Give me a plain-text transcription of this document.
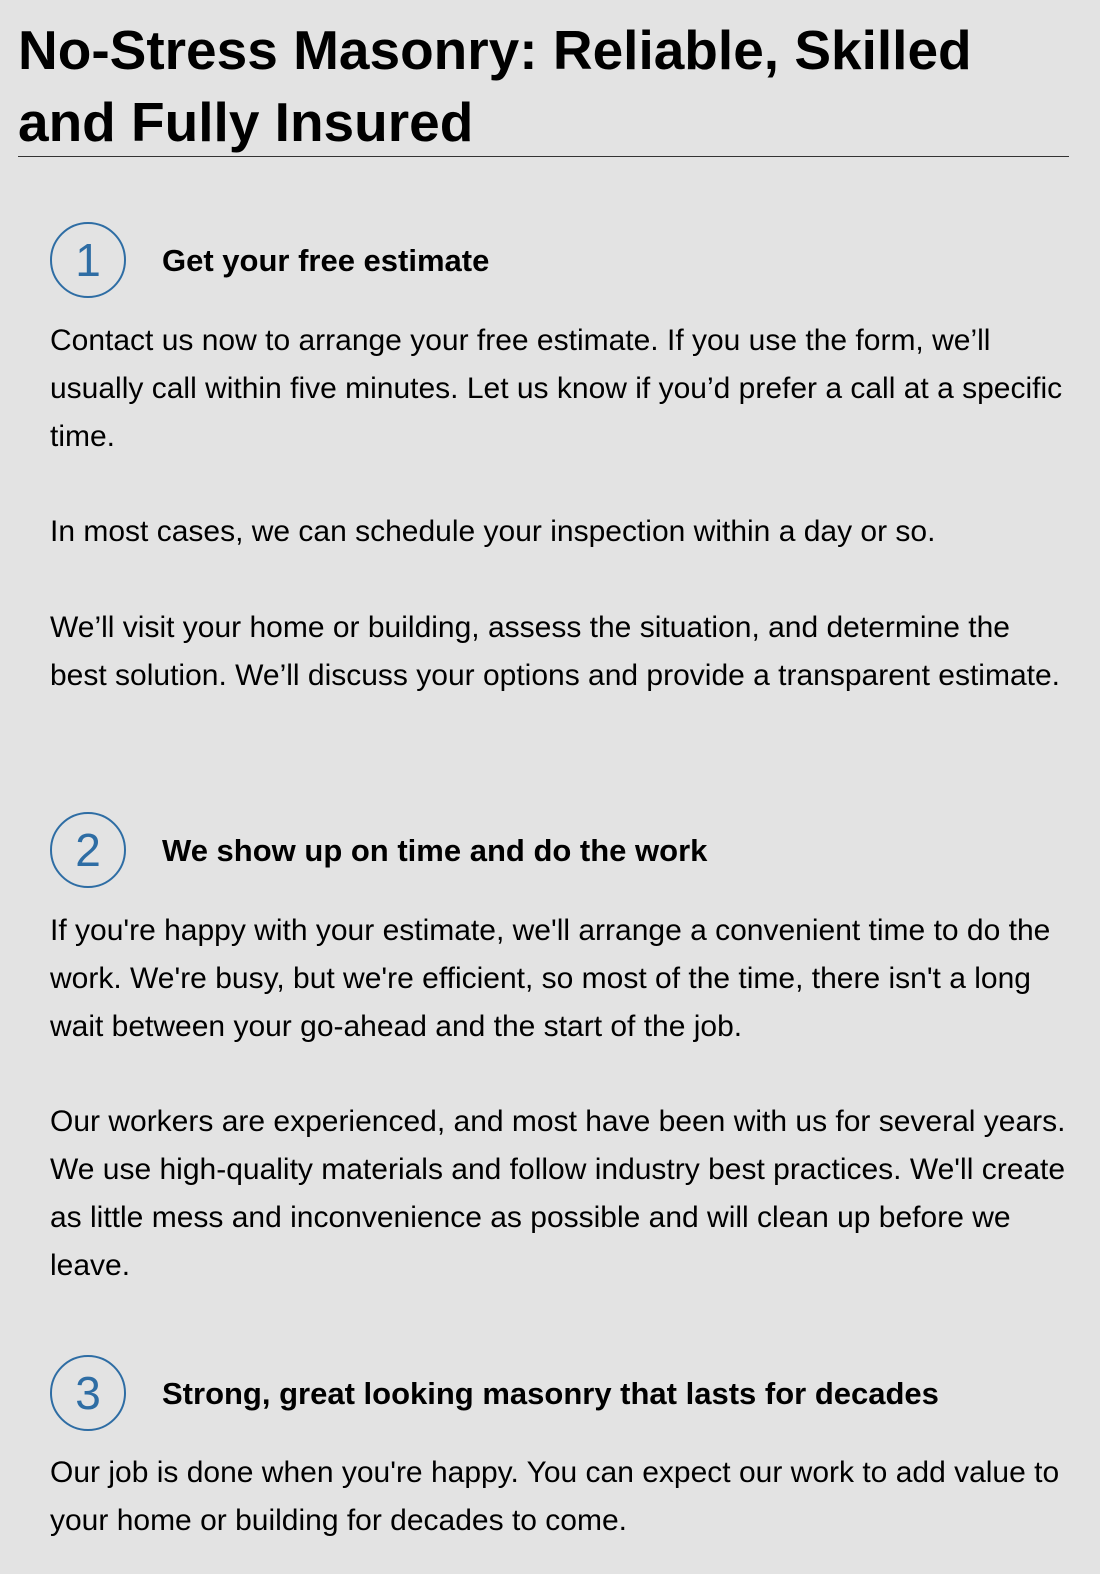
No-Stress Masonry: Reliable, Skilled and Fully Insured
1	Get your free estimate

Contact us now to arrange your free estimate. If you use the form, we’ll usually call within five minutes. Let us know if you’d prefer a call at a specific time.

In most cases, we can schedule your inspection within a day or so.

We’ll visit your home or building, assess the situation, and determine the best solution. We’ll discuss your options and provide a transparent estimate.

2	We show up on time and do the work

If you're happy with your estimate, we'll arrange a convenient time to do the work. We're busy, but we're efficient, so most of the time, there isn't a long wait between your go-ahead and the start of the job.

Our workers are experienced, and most have been with us for several years. We use high-quality materials and follow industry best practices. We'll create as little mess and inconvenience as possible and will clean up before we leave.

3	Strong, great looking masonry that lasts for decades

Our job is done when you're happy. You can expect our work to add value to your home or building for decades to come.
